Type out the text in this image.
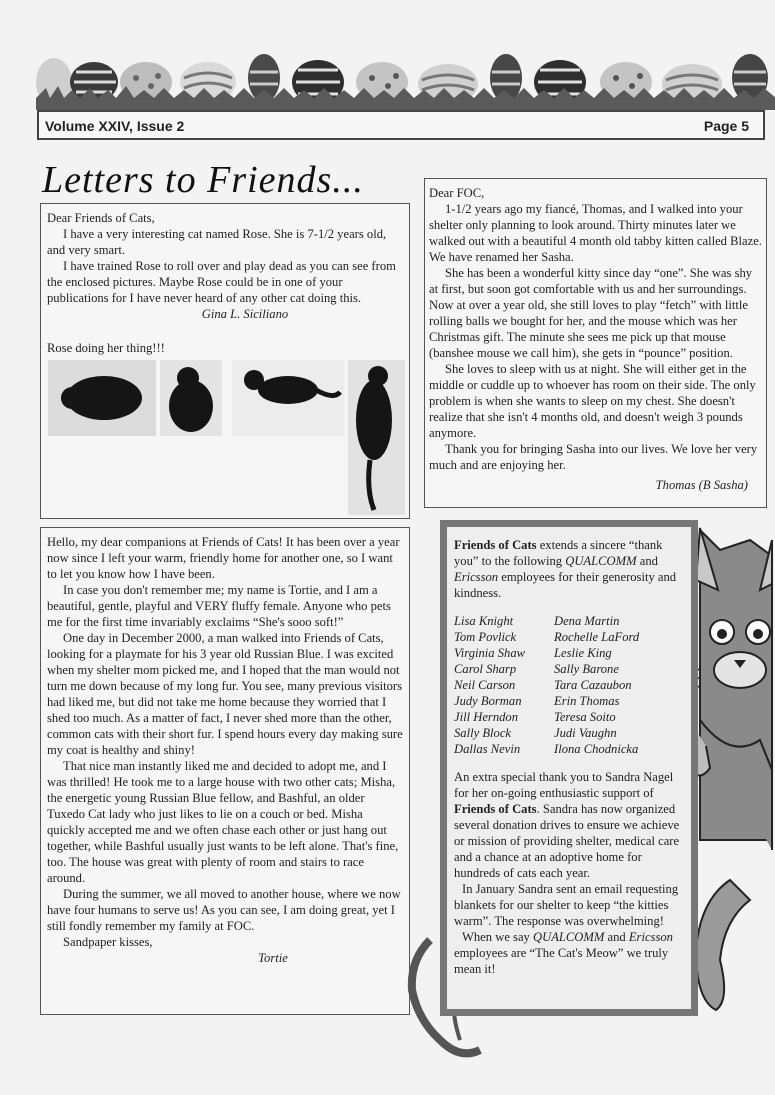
Volume XXIV, Issue 2	Page 5
Letters to Friends...

Dear Friends of Cats,

I have a very interesting cat named Rose. She is 7-1/2 years old, and very smart.

I have trained Rose to roll over and play dead as you can see from the enclosed pictures. Maybe Rose could be in one of your publications for I have never heard of any other cat doing this.

Gina L. Siciliano

Rose doing her thing!!!

Dear FOC,

1-1/2 years ago my fiancé, Thomas, and I walked into your shelter only planning to look around. Thirty minutes later we walked out with a beautiful 4 month old tabby kitten called Blaze. We have renamed her Sasha.

She has been a wonderful kitty since day “one”. She was shy at first, but soon got comfortable with us and her surroundings. Now at over a year old, she still loves to play “fetch” with little rolling balls we bought for her, and the mouse which was her Christmas gift. The minute she sees me pick up that mouse (banshee mouse we call him), she gets in “pounce” position.

She loves to sleep with us at night. She will either get in the middle or cuddle up to whoever has room on their side. The only problem is when she wants to sleep on my chest. She doesn't realize that she isn't 4 months old, and doesn't weigh 3 pounds anymore.

Thank you for bringing Sasha into our lives. We love her very much and are enjoying her.

Thomas (B Sasha)

Hello, my dear companions at Friends of Cats! It has been over a year now since I left your warm, friendly home for another one, so I want to let you know how I have been.

In case you don't remember me; my name is Tortie, and I am a beautiful, gentle, playful and VERY fluffy female. Anyone who pets me for the first time invariably exclaims “She's sooo soft!”

One day in December 2000, a man walked into Friends of Cats, looking for a playmate for his 3 year old Russian Blue. I was excited when my shelter mom picked me, and I hoped that the man would not turn me down because of my long fur. You see, many previous visitors had liked me, but did not take me home because they worried that I shed too much. As a matter of fact, I never shed more than the other, common cats with their short fur. I spend hours every day making sure my coat is healthy and shiny!

That nice man instantly liked me and decided to adopt me, and I was thrilled! He took me to a large house with two other cats; Misha, the energetic young Russian Blue fellow, and Bashful, an older Tuxedo Cat lady who just likes to lie on a couch or bed. Misha quickly accepted me and we often chase each other or just hang out together, while Bashful usually just wants to be left alone. That's fine, too. The house was great with plenty of room and stairs to race around.

During the summer, we all moved to another house, where we now have four humans to serve us! As you can see, I am doing great, yet I still fondly remember my family at FOC.

Sandpaper kisses,

Tortie

Friends of Cats extends a sincere “thank you” to the following QUALCOMM and Ericsson employees for their generosity and kindness.

Lisa Knight	Dena Martin
Tom Povlick	Rochelle LaFord
Virginia Shaw	Leslie King
Carol Sharp	Sally Barone
Neil Carson	Tara Cazaubon
Judy Borman	Erin Thomas
Jill Herndon	Teresa Soito
Sally Block	Judi Vaughn
Dallas Nevin	Ilona Chodnicka

An extra special thank you to Sandra Nagel for her on-going enthusiastic support of Friends of Cats. Sandra has now organized several donation drives to ensure we achieve or mission of providing shelter, medical care and a chance at an adoptive home for hundreds of cats each year.

In January Sandra sent an email requesting blankets for our shelter to keep “the kitties warm”. The response was overwhelming!

When we say QUALCOMM and Ericsson employees are “The Cat's Meow” we truly mean it!
